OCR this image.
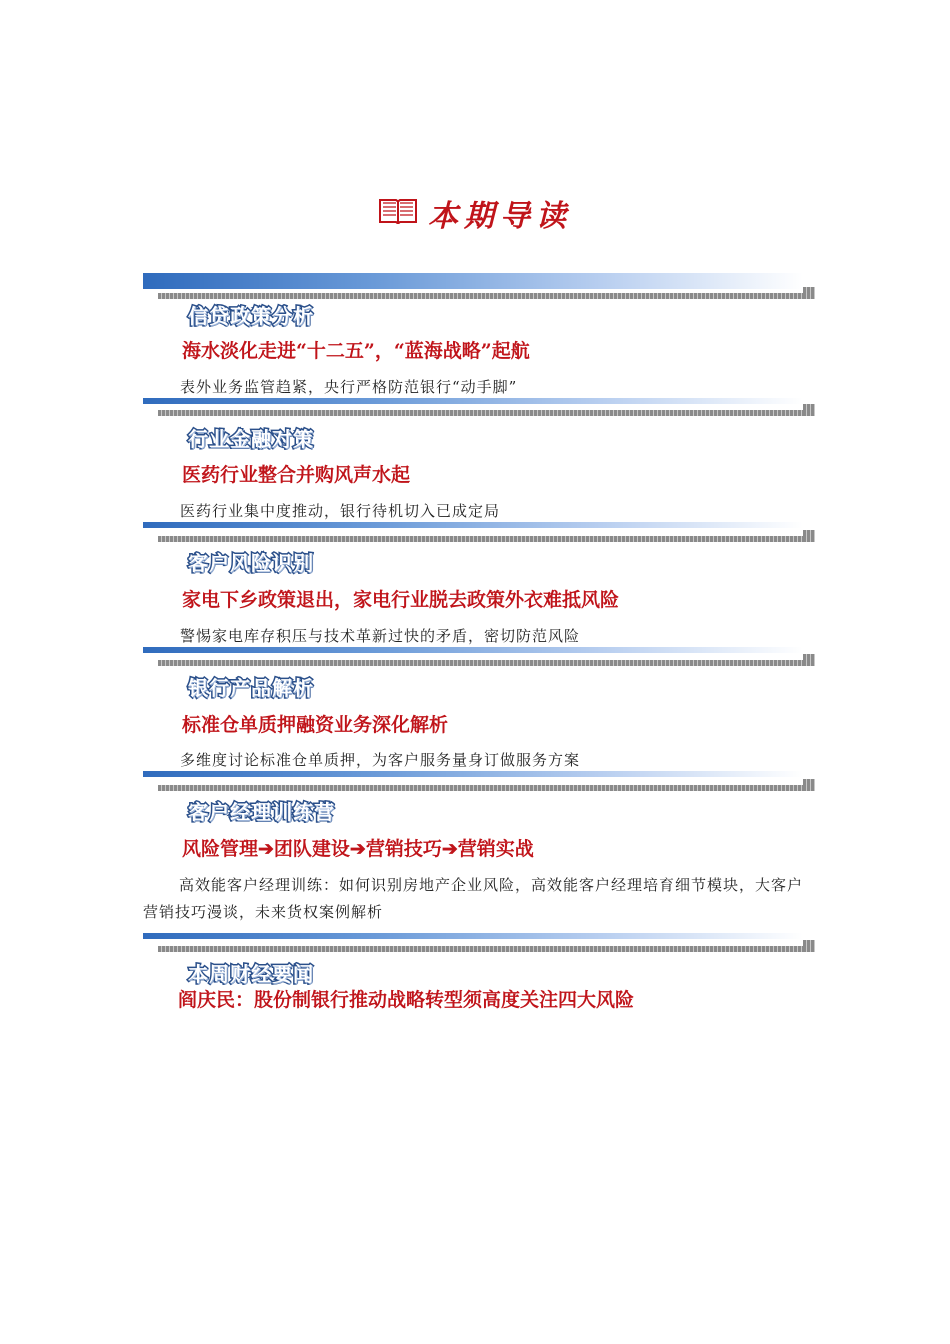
本期导读
信贷政策分析
海水淡化走进“十二五”，“蓝海战略”起航
表外业务监管趋紧，央行严格防范银行“动手脚”
行业金融对策
医药行业整合并购风声水起
医药行业集中度推动，银行待机切入已成定局
客户风险识别
家电下乡政策退出，家电行业脱去政策外衣难抵风险
警惕家电库存积压与技术革新过快的矛盾，密切防范风险
银行产品解析
标准仓单质押融资业务深化解析
多维度讨论标准仓单质押，为客户服务量身订做服务方案
客户经理训练营
风险管理➔团队建设➔营销技巧➔营销实战
高效能客户经理训练：如何识别房地产企业风险，高效能客户经理培育细节模块，大客户营销技巧漫谈，未来货权案例解析
本周财经要闻
阎庆民：股份制银行推动战略转型须高度关注四大风险
